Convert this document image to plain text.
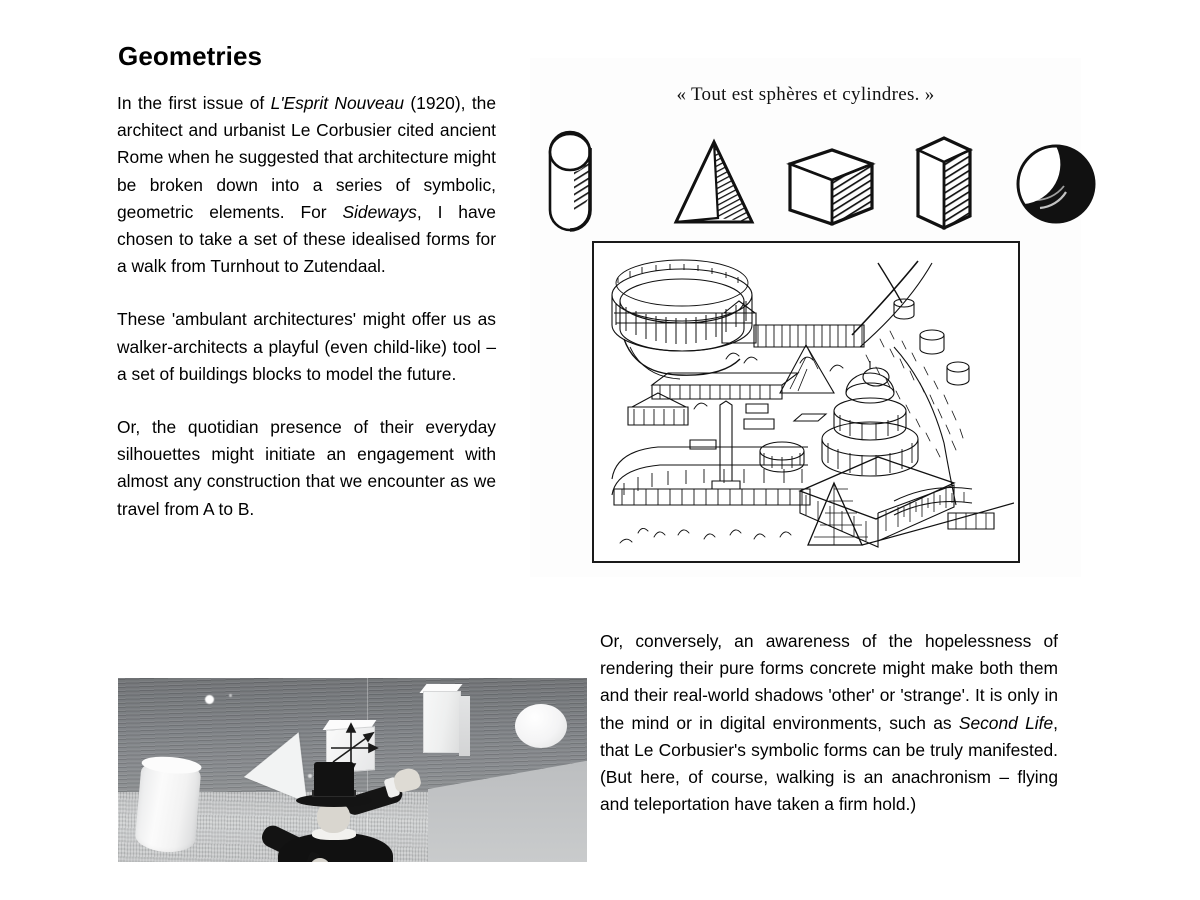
Geometries

In the first issue of L'Esprit Nouveau (1920), the architect and urbanist Le Corbusier cited ancient Rome when he suggested that architecture might be broken down into a series of symbolic, geometric elements. For Sideways, I have chosen to take a set of these idealised forms for a walk from Turnhout to Zutendaal.

These 'ambulant architectures' might offer us as walker-architects a playful (even child-like) tool – a set of buildings blocks to model the future.

Or, the quotidian presence of their everyday silhouettes might initiate an engagement with almost any construction that we encounter as we travel from A to B.

Or, conversely, an awareness of the hopelessness of rendering their pure forms concrete might make both them and their real-world shadows 'other' or 'strange'. It is only in the mind or in digital environments, such as Second Life, that Le Corbusier's symbolic forms can be truly manifested. (But here, of course, walking is an anachronism – flying and teleportation have taken a firm hold.)

« Tout est sphères et cylindres. »
